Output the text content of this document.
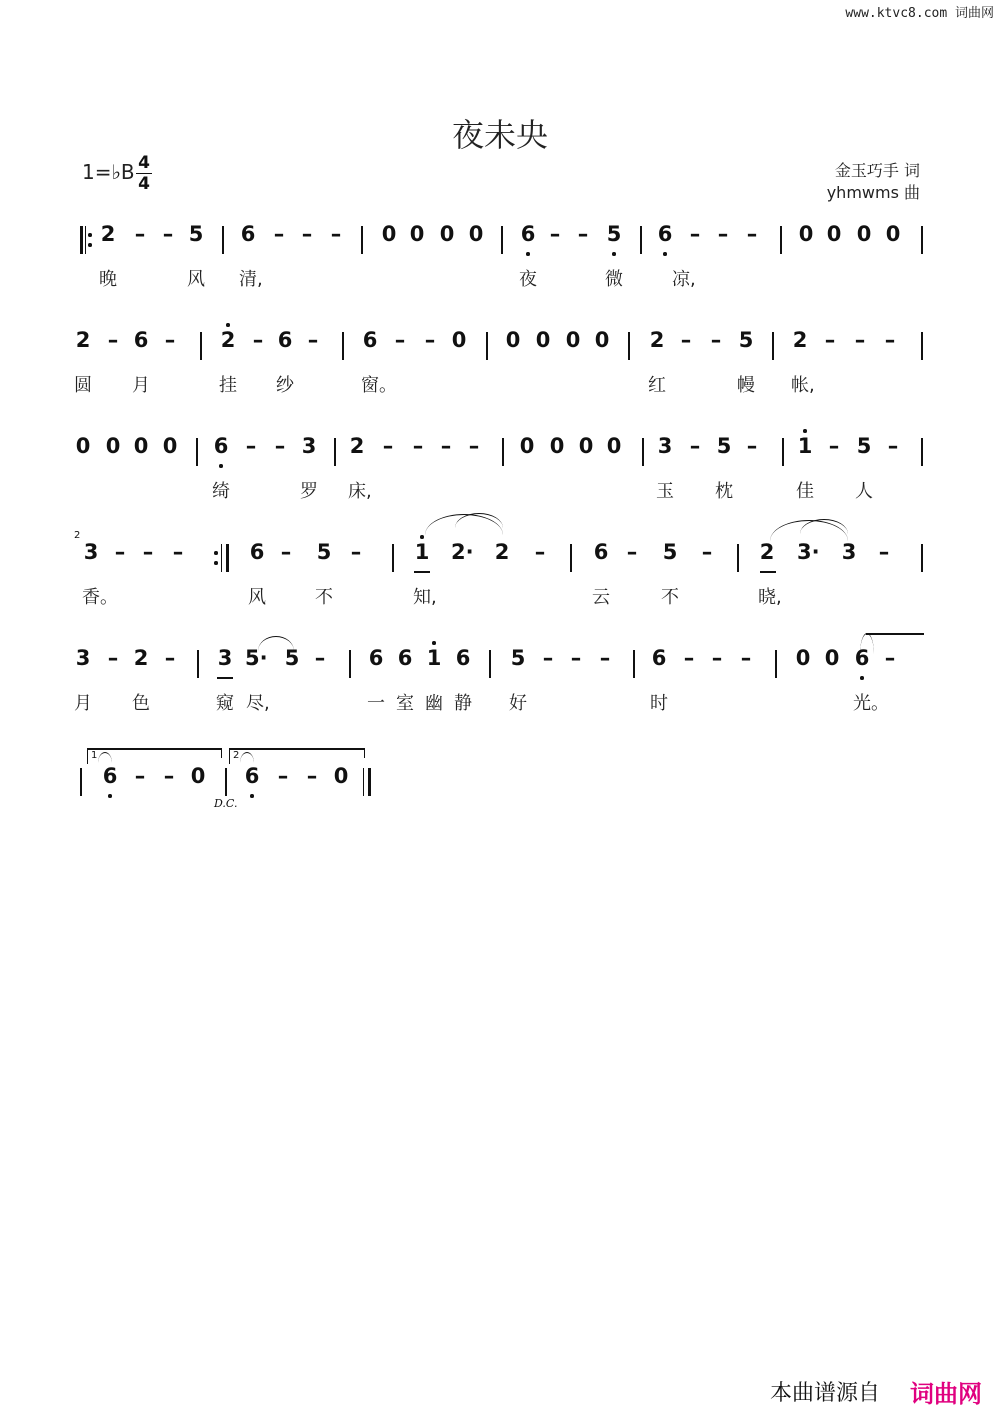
www.ktvc8.com 词曲网
夜未央
1=♭B 4
4
金玉巧手 词
yhmwms 曲
2 – – 5 6 – – – 0 0 0 0 6 – – 5 6 – – – 0 0 0 0
晚	风 清,	夜	微	凉,
2 – 6 – 2 – 6 – 6 – – 0 0 0 0 0 2 – – 5 2 – – –
圆 月	挂 纱	窗。	红	幔 帐,
0 0 0 0 6 – – 3 2 – – – – 0 0 0 0 3 – 5 – 1 – 5 –
绮	罗 床,	玉 枕	佳 人
2
3 – – –	6 – 5 –	1 2· 2 – 6 – 5 – 2 3· 3 –
香。	风	不	知,	云	不	晓,
3 – 2 – 3 5· 5 – 6 6 1 6 5 – – – 6 – – – 0 0 6 –
月 色	窥 尽,	一 室 幽 静 好	时	光。
6 – – 0 6 – – 0
1	2
D.C.
本曲谱源自 词曲网
